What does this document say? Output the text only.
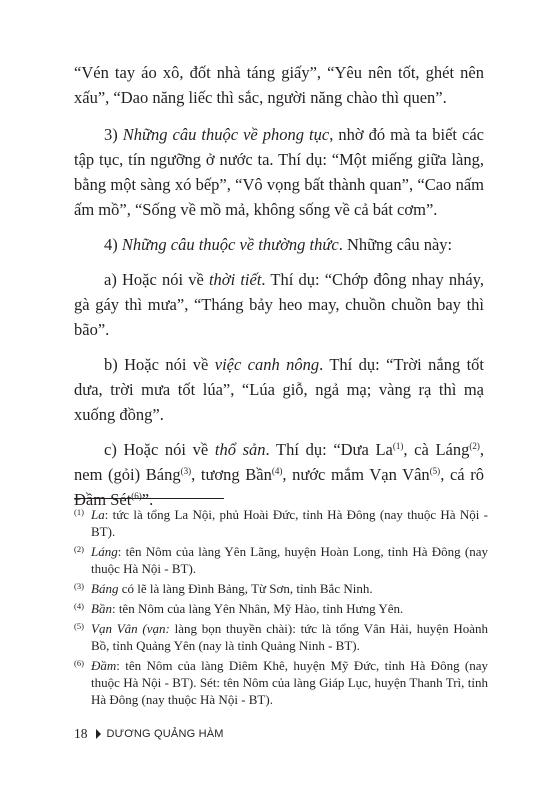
“Vén tay áo xô, đốt nhà táng giấy”, “Yêu nên tốt, ghét nên xấu”, “Dao năng liếc thì sắc, người năng chào thì quen”.

3) Những câu thuộc về phong tục, nhờ đó mà ta biết các tập tục, tín ngưỡng ở nước ta. Thí dụ: “Một miếng giữa làng, bằng một sàng xó bếp”, “Vô vọng bất thành quan”, “Cao nấm ấm mồ”, “Sống về mồ mả, không sống về cả bát cơm”.

4) Những câu thuộc về thường thức. Những câu này:

a) Hoặc nói về thời tiết. Thí dụ: “Chớp đông nhay nháy, gà gáy thì mưa”, “Tháng bảy heo may, chuồn chuồn bay thì bão”.

b) Hoặc nói về việc canh nông. Thí dụ: “Trời nắng tốt dưa, trời mưa tốt lúa”, “Lúa giỗ, ngả mạ; vàng rạ thì mạ xuống đồng”.

c) Hoặc nói về thổ sản. Thí dụ: “Dưa La$^{(1)}$, cà Láng$^{(2)}$, nem (gỏi) Báng$^{(3)}$, tương Bần$^{(4)}$, nước mắm Vạn Vân$^{(5)}$, cá rô Đầm Sét$^{(6)}$”.

(1) La: tức là tổng La Nội, phủ Hoài Đức, tỉnh Hà Đông (nay thuộc Hà Nội - BT).
(2) Láng: tên Nôm của làng Yên Lãng, huyện Hoàn Long, tỉnh Hà Đông (nay thuộc Hà Nội - BT).
(3) Báng có lẽ là làng Đình Bảng, Từ Sơn, tỉnh Bắc Ninh.
(4) Bần: tên Nôm của làng Yên Nhân, Mỹ Hào, tỉnh Hưng Yên.
(5) Vạn Vân (vạn: làng bọn thuyền chài): tức là tổng Vân Hải, huyện Hoành Bồ, tỉnh Quảng Yên (nay là tỉnh Quảng Ninh - BT).
(6) Đầm: tên Nôm của làng Diêm Khê, huyện Mỹ Đức, tỉnh Hà Đông (nay thuộc Hà Nội - BT). Sét: tên Nôm của làng Giáp Lục, huyện Thanh Trì, tỉnh Hà Đông (nay thuộc Hà Nội - BT).
18 DƯƠNG QUẢNG HÀM
